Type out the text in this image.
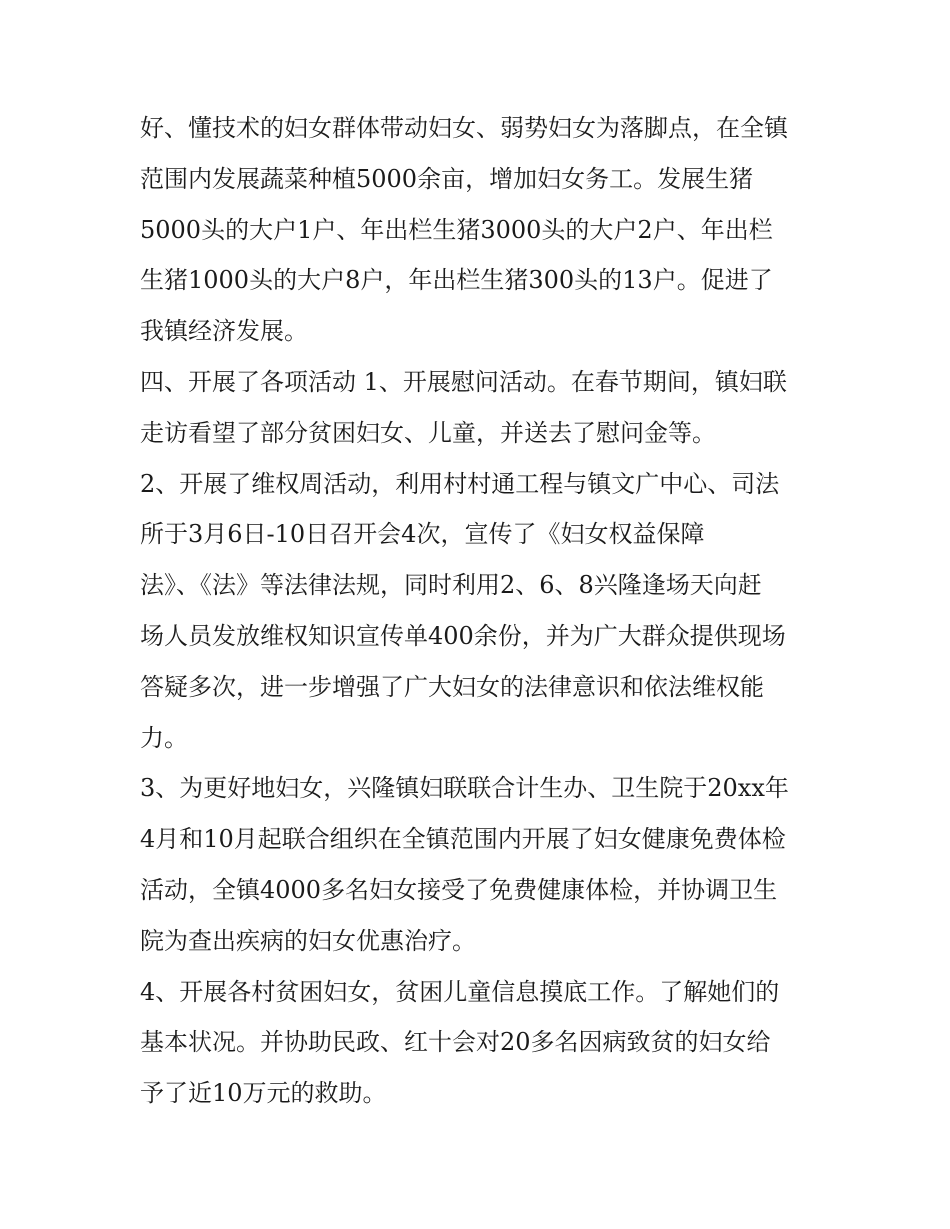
好、懂技术的妇女群体带动妇女、弱势妇女为落脚点，在全镇
范围内发展蔬菜种植5000余亩，增加妇女务工。发展生猪
5000头的大户1户、年出栏生猪3000头的大户2户、年出栏
生猪1000头的大户8户，年出栏生猪300头的13户。促进了
我镇经济发展。
四、开展了各项活动 1、开展慰问活动。在春节期间，镇妇联
走访看望了部分贫困妇女、儿童，并送去了慰问金等。
2、开展了维权周活动，利用村村通工程与镇文广中心、司法
所于3月6日-10日召开会4次，宣传了《妇女权益保障
法》、《法》等法律法规，同时利用2、6、8兴隆逢场天向赶
场人员发放维权知识宣传单400余份，并为广大群众提供现场
答疑多次，进一步增强了广大妇女的法律意识和依法维权能
力。
3、为更好地妇女，兴隆镇妇联联合计生办、卫生院于20xx年
4月和10月起联合组织在全镇范围内开展了妇女健康免费体检
活动，全镇4000多名妇女接受了免费健康体检，并协调卫生
院为查出疾病的妇女优惠治疗。
4、开展各村贫困妇女，贫困儿童信息摸底工作。了解她们的
基本状况。并协助民政、红十会对20多名因病致贫的妇女给
予了近10万元的救助。
